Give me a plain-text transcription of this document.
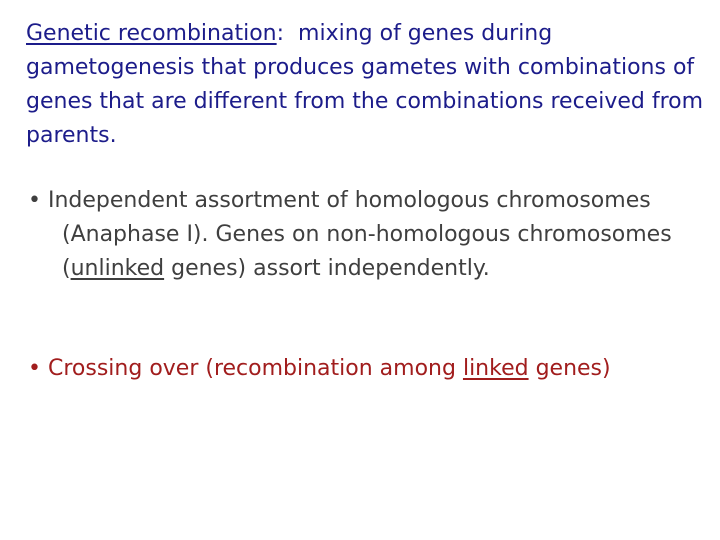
Genetic recombination:  mixing of genes during gametogenesis that produces gametes with combinations of genes that are different from the combinations received from parents.
• Independent assortment of homologous chromosomes (Anaphase I). Genes on non-homologous chromosomes (unlinked genes) assort independently.
• Crossing over (recombination among linked genes)
